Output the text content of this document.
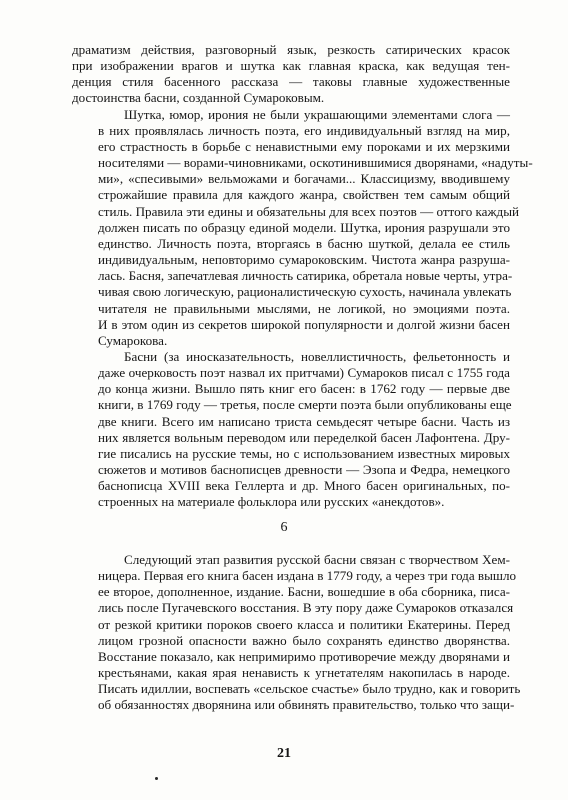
драматизм действия, разговорный язык, резкость сатирических красок
при изображении врагов и шутка как главная краска, как ведущая тен-
денция стиля басенного рассказа — таковы главные художественные
достоинства басни, созданной Сумароковым.

Шутка, юмор, ирония не были украшающими элементами слога —
в них проявлялась личность поэта, его индивидуальный взгляд на мир,
его страстность в борьбе с ненавистными ему пороками и их мерзкими
носителями — ворами-чиновниками, оскотинившимися дворянами, «надуты-
ми», «спесивыми» вельможами и богачами... Классицизму, вводившему
строжайшие правила для каждого жанра, свойствен тем самым общий
стиль. Правила эти едины и обязательны для всех поэтов — оттого каждый
должен писать по образцу единой модели. Шутка, ирония разрушали это
единство. Личность поэта, вторгаясь в басню шуткой, делала ее стиль
индивидуальным, неповторимо сумароковским. Чистота жанра разруша-
лась. Басня, запечатлевая личность сатирика, обретала новые черты, утра-
чивая свою логическую, рационалистическую сухость, начинала увлекать
читателя не правильными мыслями, не логикой, но эмоциями поэта.
И в этом один из секретов широкой популярности и долгой жизни басен
Сумарокова.

Басни (за иносказательность, новеллистичность, фельетонность и
даже очерковость поэт назвал их притчами) Сумароков писал с 1755 года
до конца жизни. Вышло пять книг его басен: в 1762 году — первые две
книги, в 1769 году — третья, после смерти поэта были опубликованы еще
две книги. Всего им написано триста семьдесят четыре басни. Часть из
них является вольным переводом или переделкой басен Лафонтена. Дру-
гие писались на русские темы, но с использованием известных мировых
сюжетов и мотивов баснописцев древности — Эзопа и Федра, немецкого
баснописца XVIII века Геллерта и др. Много басен оригинальных, по-
строенных на материале фольклора или русских «анекдотов».

6

Следующий этап развития русской басни связан с творчеством Хем-
ницера. Первая его книга басен издана в 1779 году, а через три года вышло
ее второе, дополненное, издание. Басни, вошедшие в оба сборника, писа-
лись после Пугачевского восстания. В эту пору даже Сумароков отказался
от резкой критики пороков своего класса и политики Екатерины. Перед
лицом грозной опасности важно было сохранять единство дворянства.
Восстание показало, как непримиримо противоречие между дворянами и
крестьянами, какая ярая ненависть к угнетателям накопилась в народе.
Писать идиллии, воспевать «сельское счастье» было трудно, как и говорить
об обязанностях дворянина или обвинять правительство, только что защи-

21
